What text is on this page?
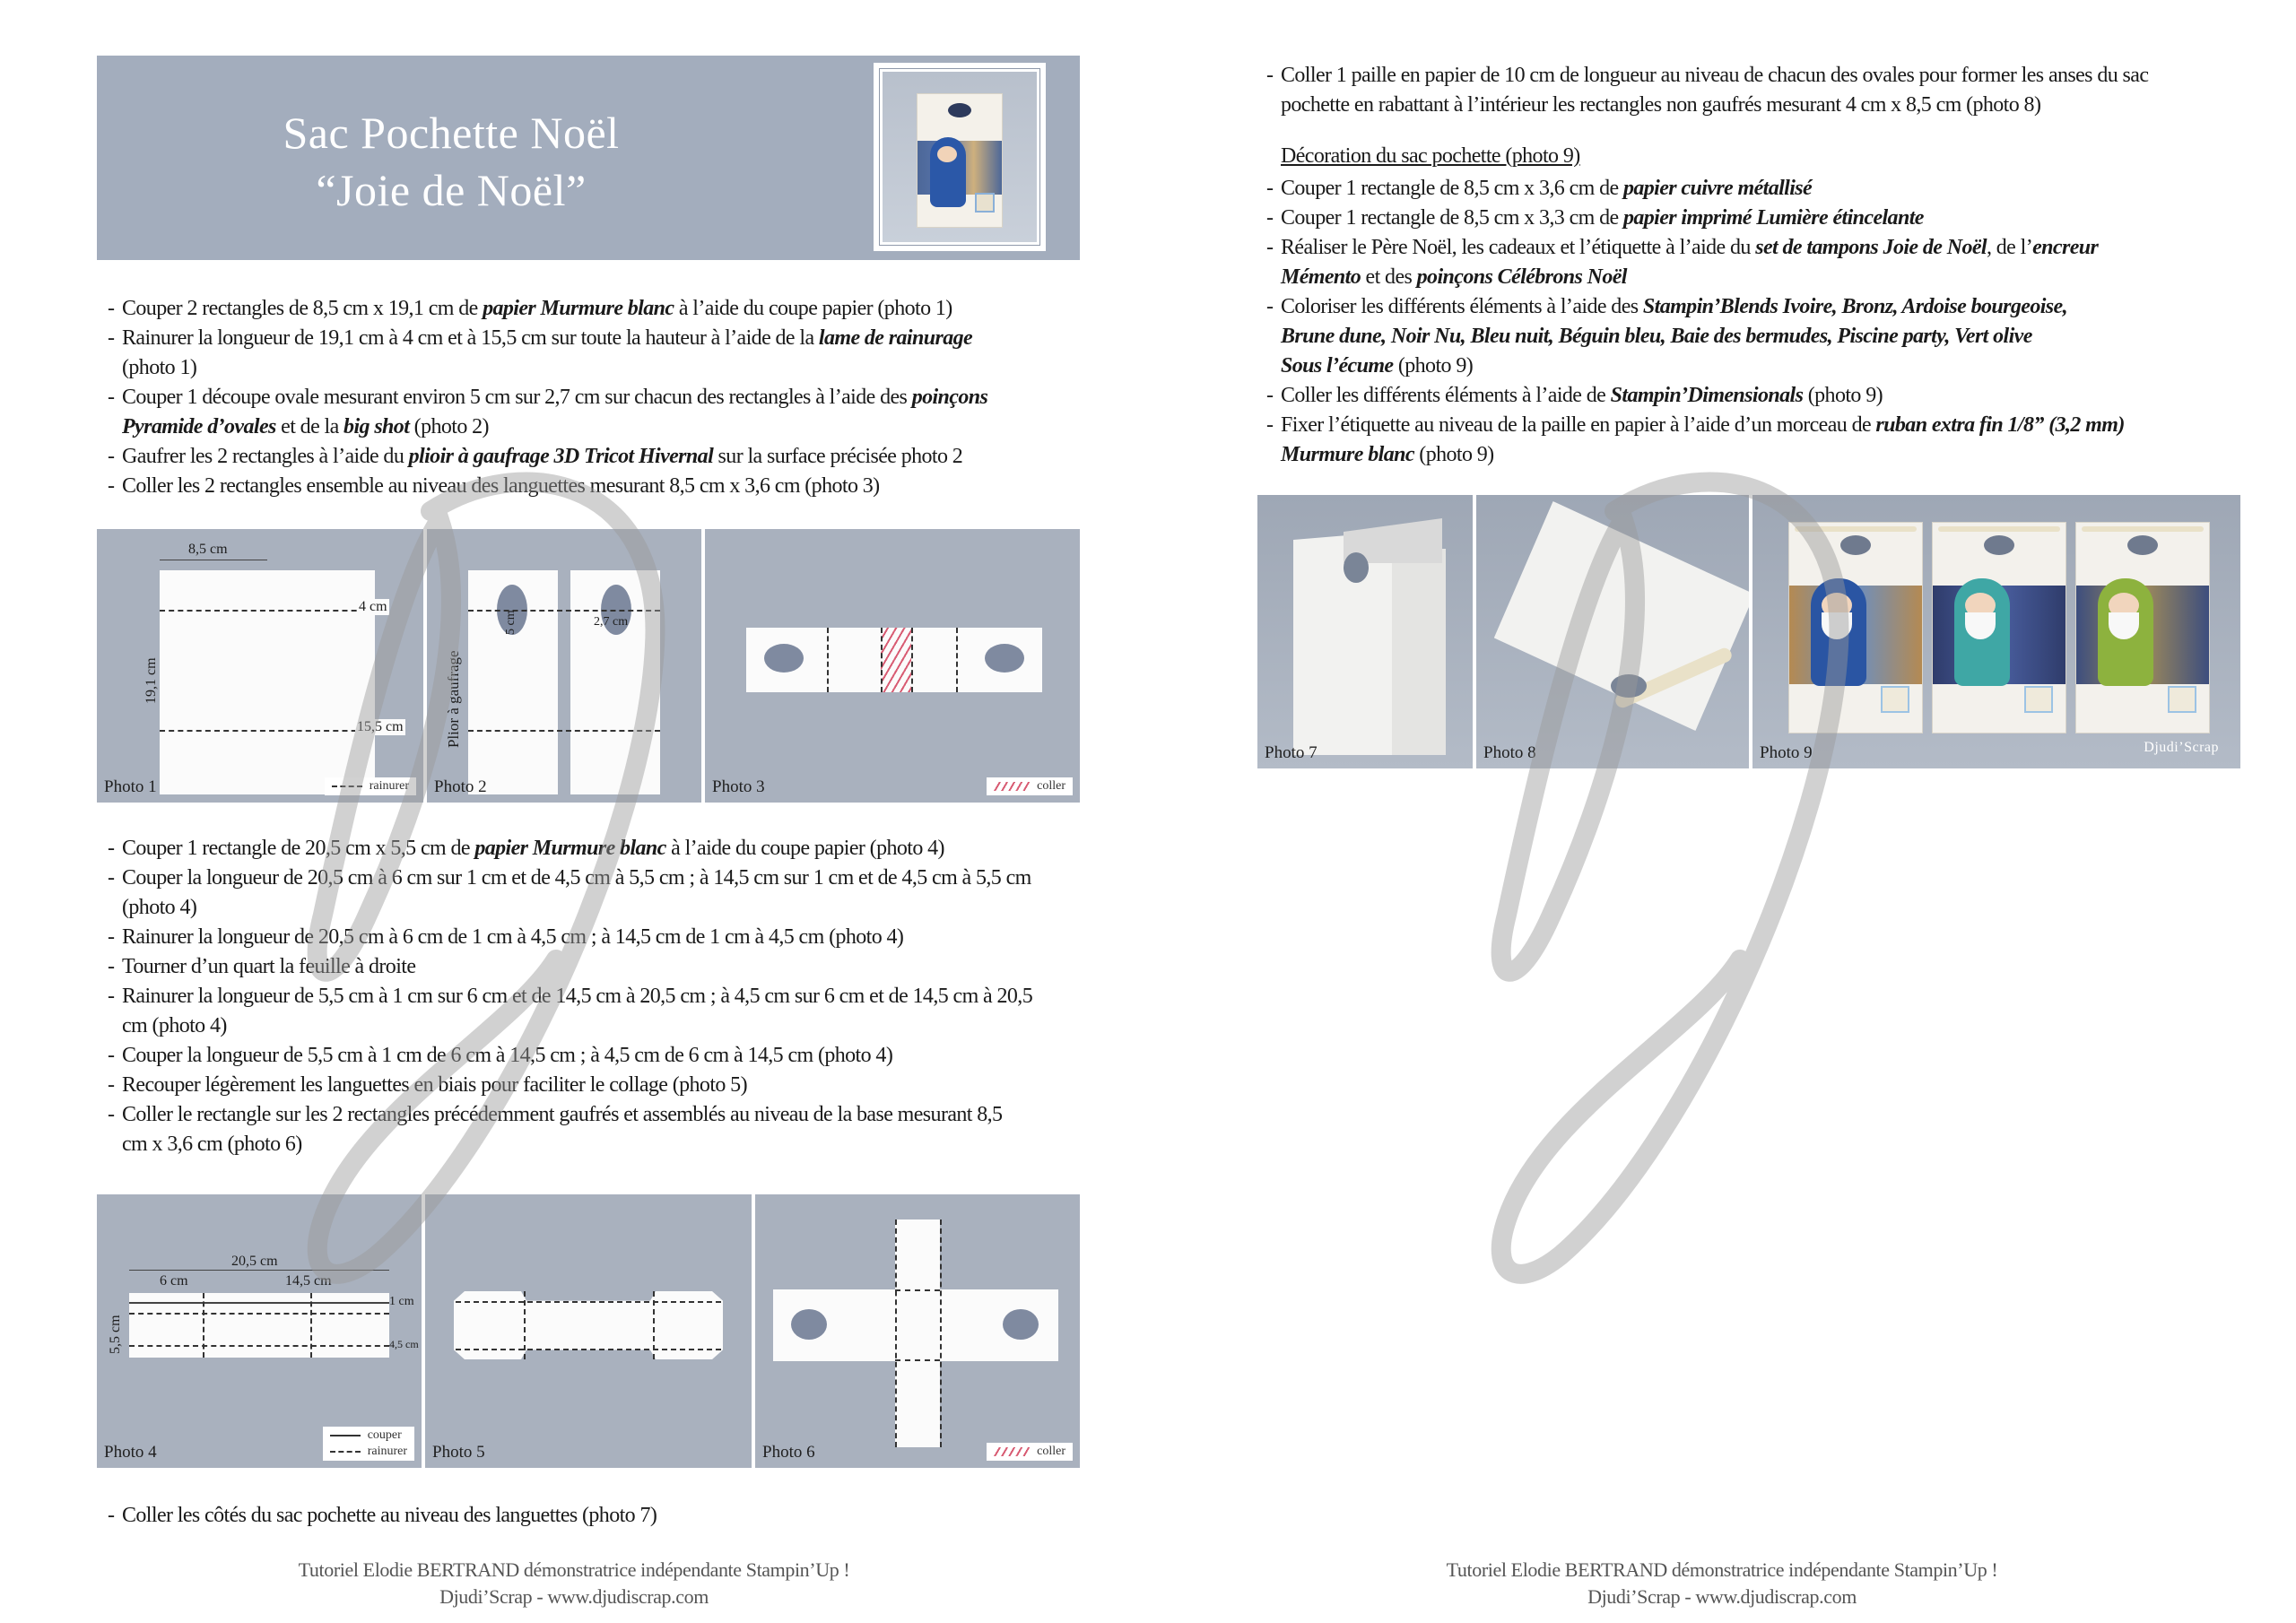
Sac Pochette Noël
“Joie de Noël”
- Couper 2 rectangles de 8,5 cm x 19,1 cm de papier Murmure blanc à l’aide du coupe papier (photo 1)
- Rainurer la longueur de 19,1 cm à 4 cm et à 15,5 cm sur toute la hauteur à l’aide de la lame de rainurage
(photo 1)
- Couper 1 découpe ovale mesurant environ 5 cm sur 2,7 cm sur chacun des rectangles à l’aide des poinçons
Pyramide d’ovales et de la big shot (photo 2)
- Gaufrer les 2 rectangles à l’aide du plioir à gaufrage 3D Tricot Hivernal sur la surface précisée photo 2
- Coller les 2 rectangles ensemble au niveau des languettes mesurant 8,5 cm x 3,6 cm (photo 3)
8,5 cm
4 cm
15,5 cm
19,1 cm
Photo 1	rainurer
5 cm	2,7 cm
Plior à gaufrage
Photo 2	Photo 3	coller
- Couper 1 rectangle de 20,5 cm x 5,5 cm de papier Murmure blanc à l’aide du coupe papier (photo 4)
- Couper la longueur de 20,5 cm à 6 cm sur 1 cm et de 4,5 cm à 5,5 cm ; à 14,5 cm sur 1 cm et de 4,5 cm à 5,5 cm
(photo 4)
- Rainurer la longueur de 20,5 cm à 6 cm de 1 cm à 4,5 cm ; à 14,5 cm de 1 cm à 4,5 cm (photo 4)
- Tourner d’un quart la feuille à droite
- Rainurer la longueur de 5,5 cm à 1 cm sur 6 cm et de 14,5 cm à 20,5 cm ; à 4,5 cm sur 6 cm et de 14,5 cm à 20,5
cm (photo 4)
- Couper la longueur de 5,5 cm à 1 cm de 6 cm à 14,5 cm ; à 4,5 cm de 6 cm à 14,5 cm (photo 4)
- Recouper légèrement les languettes en biais pour faciliter le collage (photo 5)
- Coller le rectangle sur les 2 rectangles précédemment gaufrés et assemblés au niveau de la base mesurant 8,5
cm x 3,6 cm (photo 6)
20,5 cm
6 cm	14,5 cm
1 cm
4,5 cm
5,5 cm
Photo 4
couper
rainurer Photo 5	Photo 6	coller
- Coller les côtés du sac pochette au niveau des languettes (photo 7)
Tutoriel Elodie BERTRAND démonstratrice indépendante Stampin’Up !
Djudi’Scrap - www.djudiscrap.com
- Coller 1 paille en papier de 10 cm de longueur au niveau de chacun des ovales pour former les anses du sac
pochette en rabattant à l’intérieur les rectangles non gaufrés mesurant 4 cm x 8,5 cm (photo 8)
Décoration du sac pochette (photo 9)
- Couper 1 rectangle de 8,5 cm x 3,6 cm de papier cuivre métallisé
- Couper 1 rectangle de 8,5 cm x 3,3 cm de papier imprimé Lumière étincelante
- Réaliser le Père Noël, les cadeaux et l’étiquette à l’aide du set de tampons Joie de Noël, de l’encreur
Mémento et des poinçons Célébrons Noël
- Coloriser les différents éléments à l’aide des Stampin’Blends Ivoire, Bronz, Ardoise bourgeoise,
Brune dune, Noir Nu, Bleu nuit, Béguin bleu, Baie des bermudes, Piscine party, Vert olive
Sous l’écume (photo 9)
- Coller les différents éléments à l’aide de Stampin’Dimensionals (photo 9)
- Fixer l’étiquette au niveau de la paille en papier à l’aide d’un morceau de ruban extra fin 1/8” (3,2 mm)
Murmure blanc (photo 9)
Photo 7	Photo 8	Djudi’Scrap
Photo 9
Tutoriel Elodie BERTRAND démonstratrice indépendante Stampin’Up !
Djudi’Scrap - www.djudiscrap.com
